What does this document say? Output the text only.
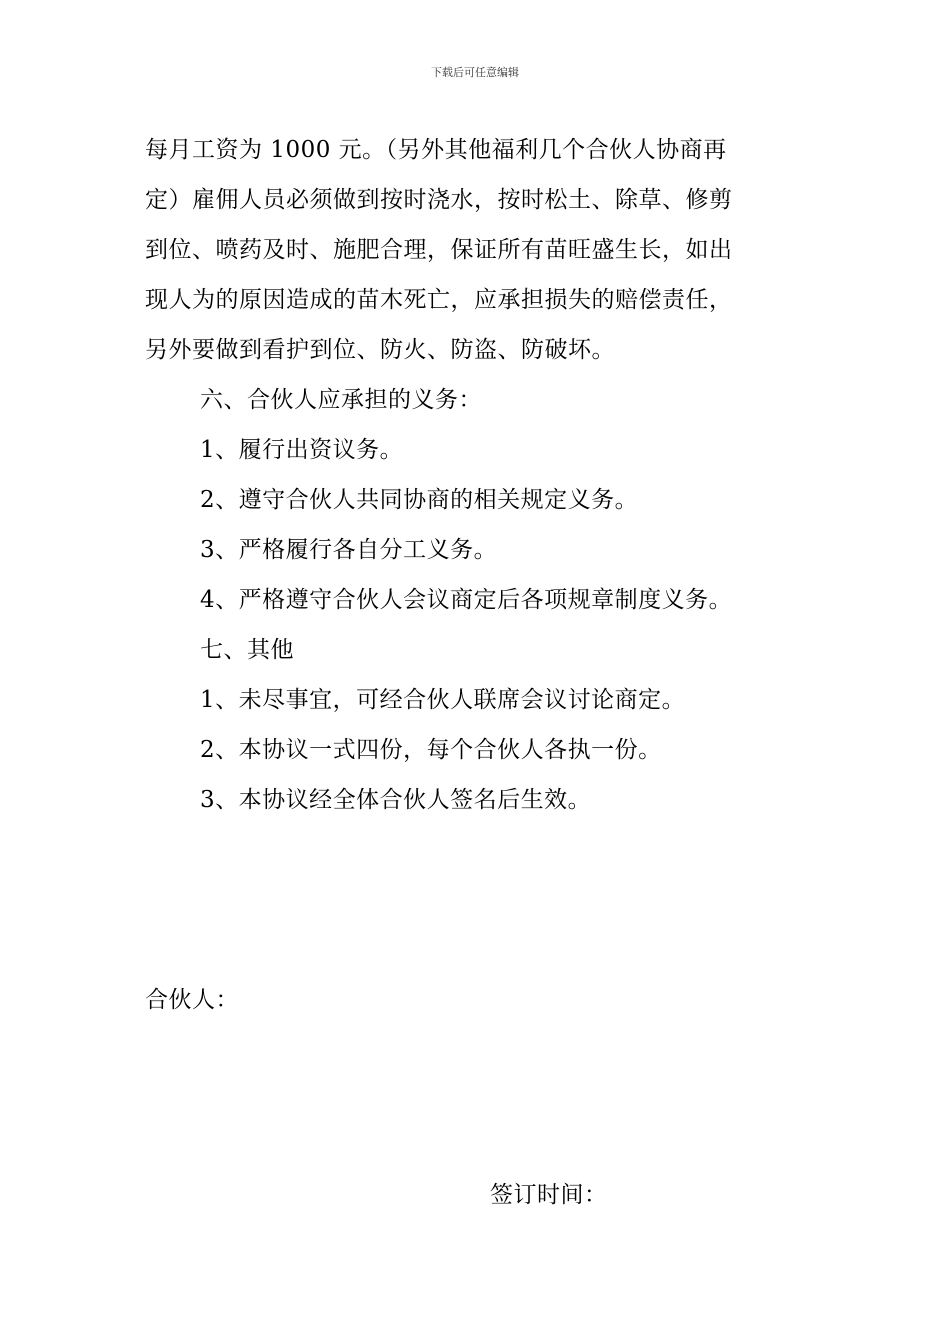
下载后可任意编辑
每月工资为 1000 元。（另外其他福利几个合伙人协商再
定）雇佣人员必须做到按时浇水，按时松土、除草、修剪
到位、喷药及时、施肥合理，保证所有苗旺盛生长，如出
现人为的原因造成的苗木死亡，应承担损失的赔偿责任，
另外要做到看护到位、防火、防盗、防破坏。
六、合伙人应承担的义务：
1、履行出资议务。
2、遵守合伙人共同协商的相关规定义务。
3、严格履行各自分工义务。
4、严格遵守合伙人会议商定后各项规章制度义务。
七、其他
1、未尽事宜，可经合伙人联席会议讨论商定。
2、本协议一式四份，每个合伙人各执一份。
3、本协议经全体合伙人签名后生效。
合伙人：
签订时间：
